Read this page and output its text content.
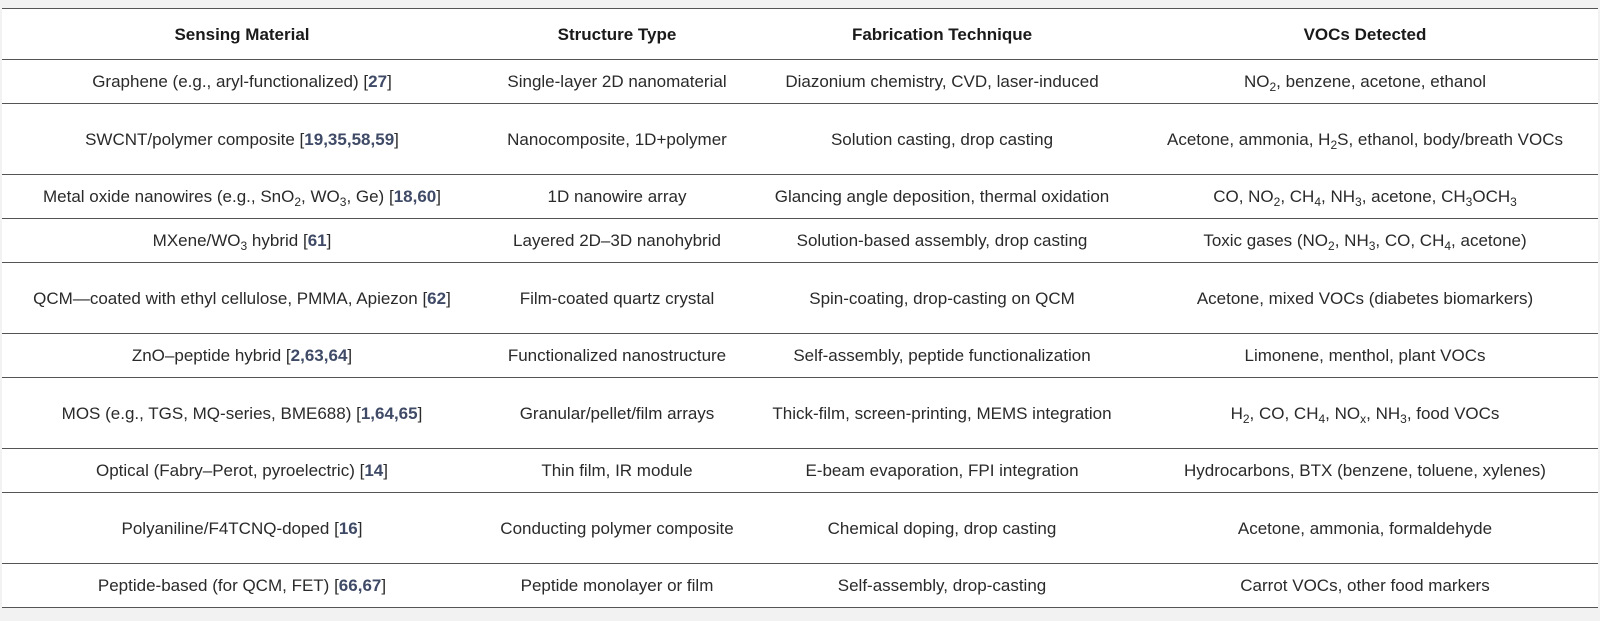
Sensing Material	Structure Type	Fabrication Technique	VOCs Detected
Graphene (e.g., aryl-functionalized) [27]	Single-layer 2D nanomaterial	Diazonium chemistry, CVD, laser-induced	$NO_2$, benzene, acetone, ethanol
SWCNT/polymer composite [19,35,58,59]	Nanocomposite, 1D+polymer	Solution casting, drop casting	Acetone, ammonia, $H_2S$, ethanol, body/breath VOCs
Metal oxide nanowires (e.g., SnO$_2$, $WO_3$, Ge) [18,60]	1D nanowire array	Glancing angle deposition, thermal oxidation	CO, $NO_2$, $CH_4$, $NH_3$, acetone, $CH_3OCH_3$
MXene/$WO_3$ hybrid [61]	Layered 2D–3D nanohybrid	Solution-based assembly, drop casting	Toxic gases ($NO_2$, $NH_3$, CO, $CH_4$, acetone)
QCM—coated with ethyl cellulose, PMMA, Apiezon [62]	Film-coated quartz crystal	Spin-coating, drop-casting on QCM	Acetone, mixed VOCs (diabetes biomarkers)
ZnO–peptide hybrid [2,63,64]	Functionalized nanostructure	Self-assembly, peptide functionalization	Limonene, menthol, plant VOCs
MOS (e.g., TGS, MQ-series, BME688) [1,64,65]	Granular/pellet/film arrays	Thick-film, screen-printing, MEMS integration	$H_2$, CO, $CH_4$, $NO_x$, $NH_3$, food VOCs
Optical (Fabry–Perot, pyroelectric) [14]	Thin film, IR module	E-beam evaporation, FPI integration	Hydrocarbons, BTX (benzene, toluene, xylenes)
Polyaniline/F4TCNQ-doped [16]	Conducting polymer composite	Chemical doping, drop casting	Acetone, ammonia, formaldehyde
Peptide-based (for QCM, FET) [66,67]	Peptide monolayer or film	Self-assembly, drop-casting	Carrot VOCs, other food markers
